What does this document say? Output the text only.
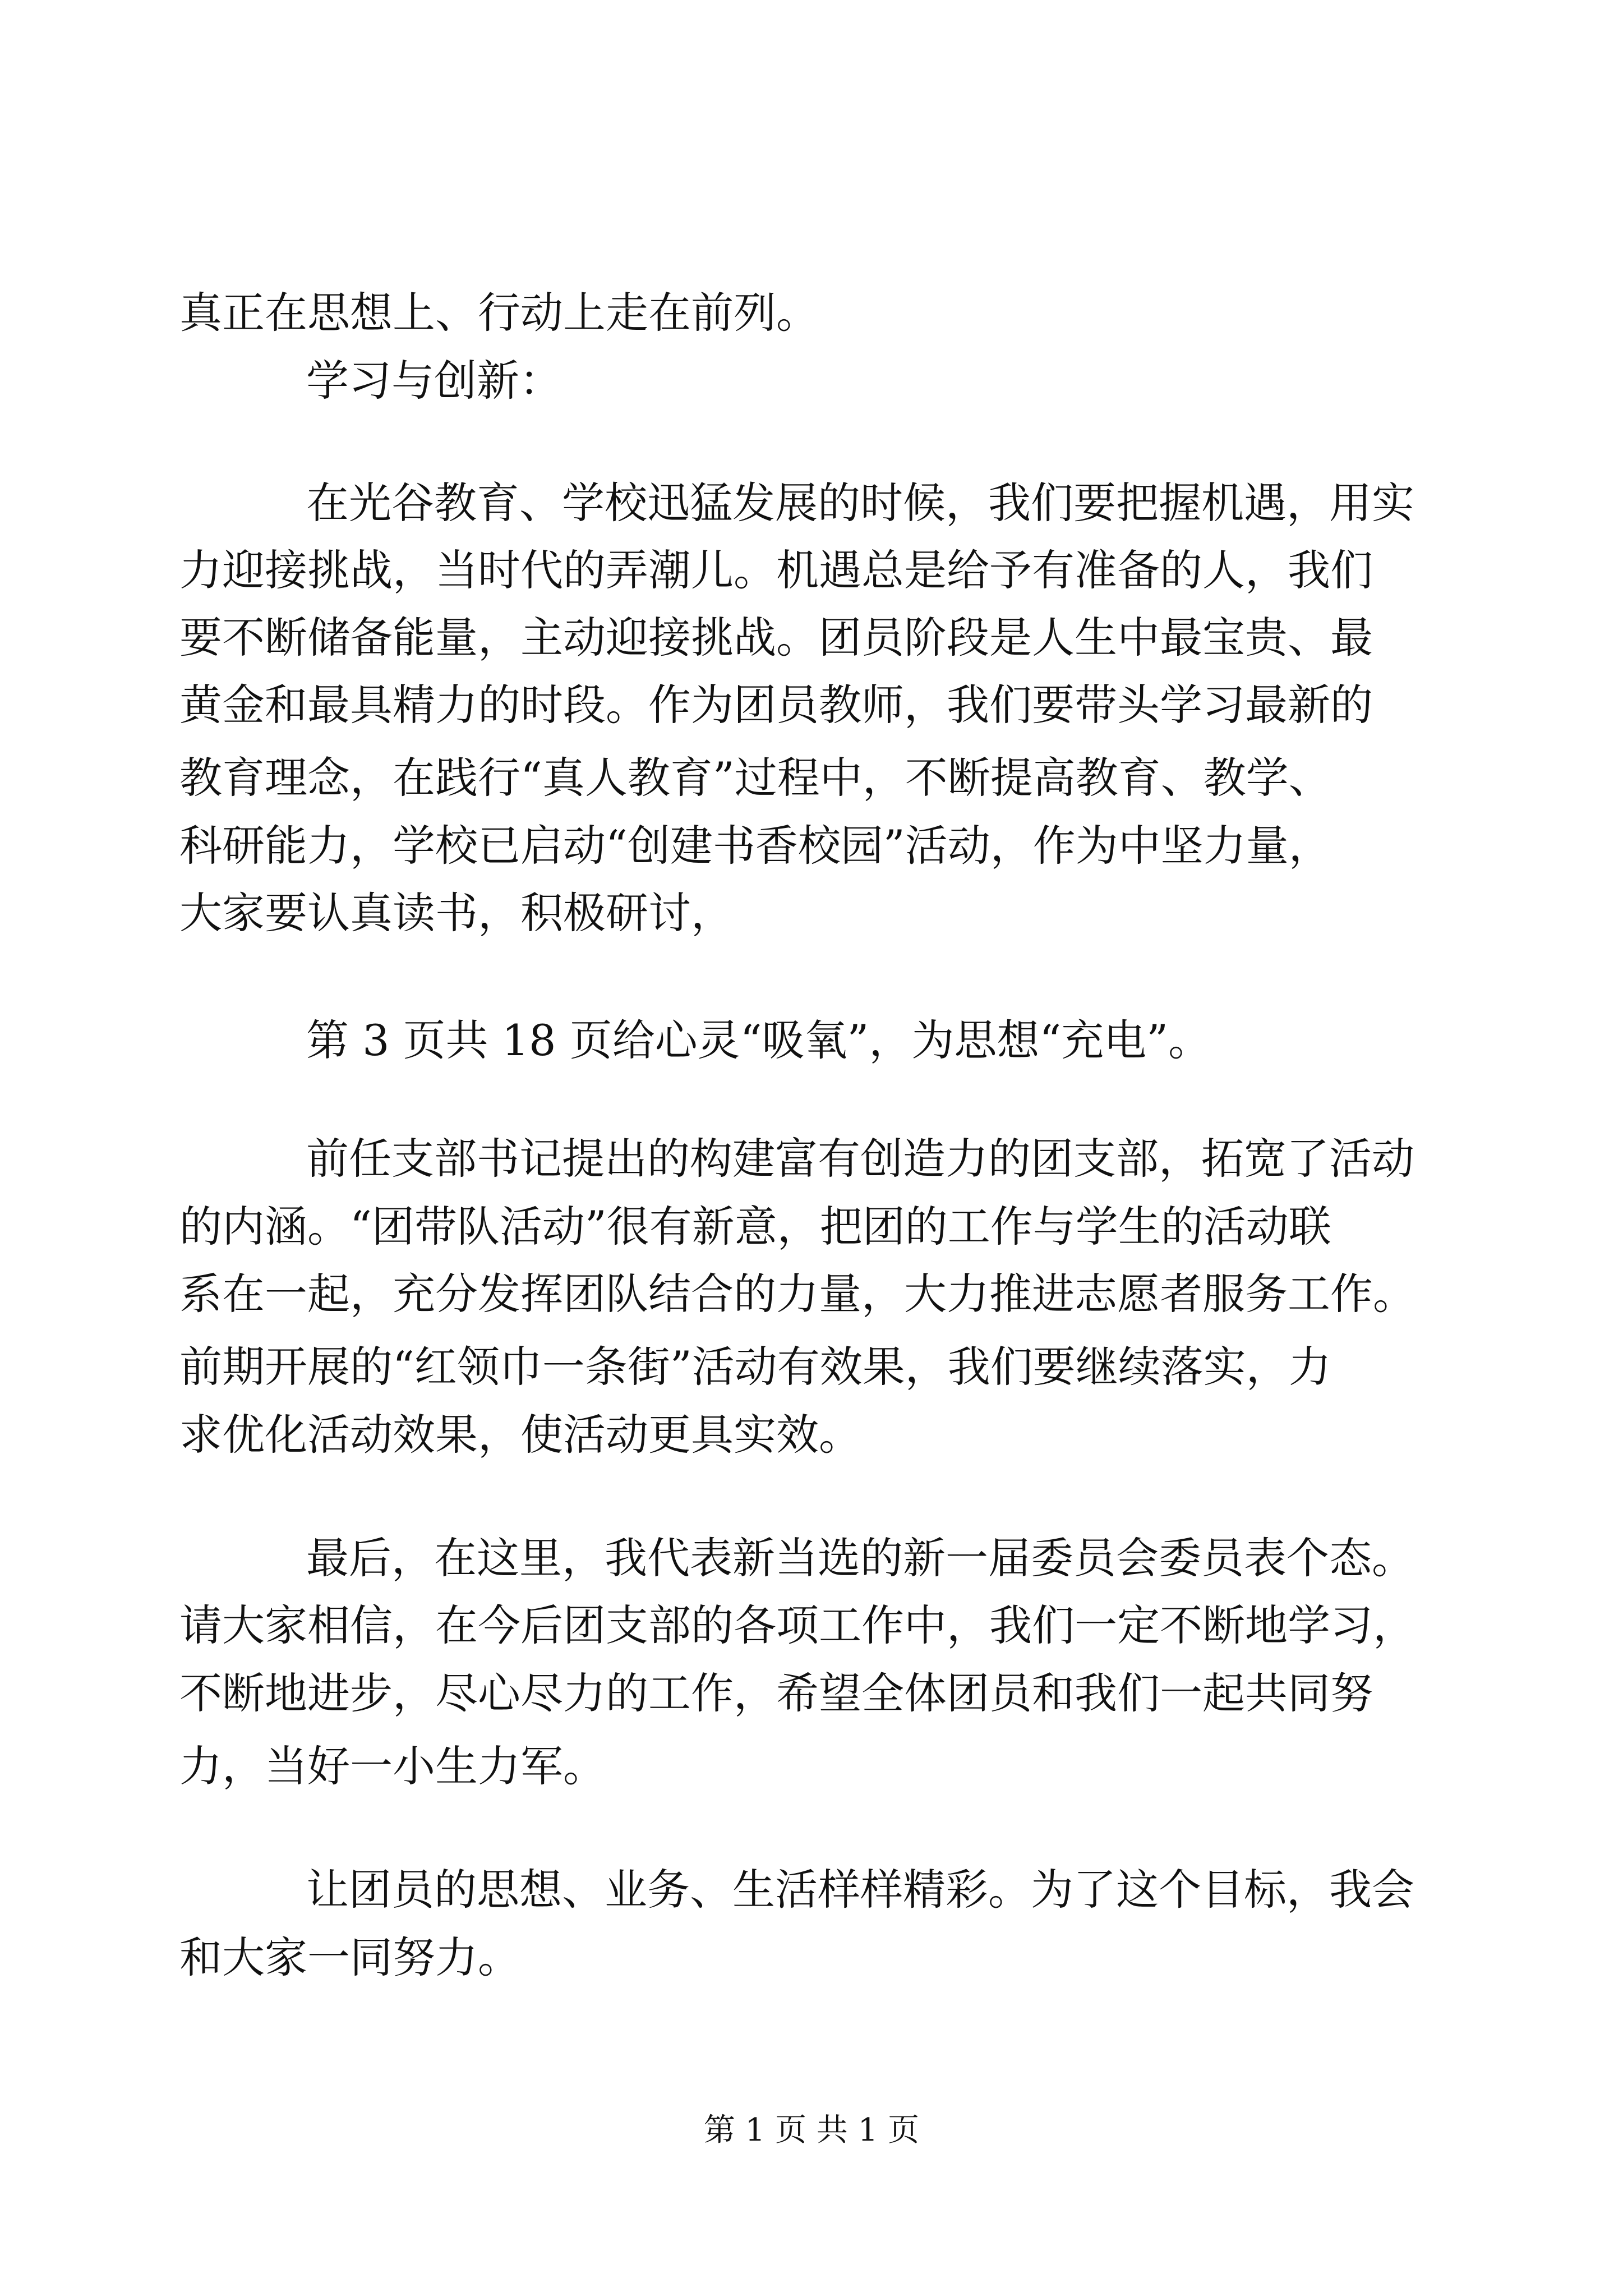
真正在思想上、行动上走在前列。
学习与创新：
在光谷教育、学校迅猛发展的时候，我们要把握机遇，用实
力迎接挑战，当时代的弄潮儿。机遇总是给予有准备的人，我们
要不断储备能量，主动迎接挑战。团员阶段是人生中最宝贵、最
黄金和最具精力的时段。作为团员教师，我们要带头学习最新的
教育理念，在践行“真人教育”过程中，不断提高教育、教学、
科研能力，学校已启动“创建书香校园”活动，作为中坚力量，
大家要认真读书，积极研讨，
第 3 页共 18 页给心灵“吸氧”，为思想“充电”。
前任支部书记提出的构建富有创造力的团支部，拓宽了活动
的内涵。“团带队活动”很有新意，把团的工作与学生的活动联
系在一起，充分发挥团队结合的力量，大力推进志愿者服务工作。
前期开展的“红领巾一条街”活动有效果，我们要继续落实，力
求优化活动效果，使活动更具实效。
最后，在这里，我代表新当选的新一届委员会委员表个态。
请大家相信，在今后团支部的各项工作中，我们一定不断地学习，
不断地进步，尽心尽力的工作，希望全体团员和我们一起共同努
力，当好一小生力军。
让团员的思想、业务、生活样样精彩。为了这个目标，我会
和大家一同努力。
第 1 页 共 1 页
